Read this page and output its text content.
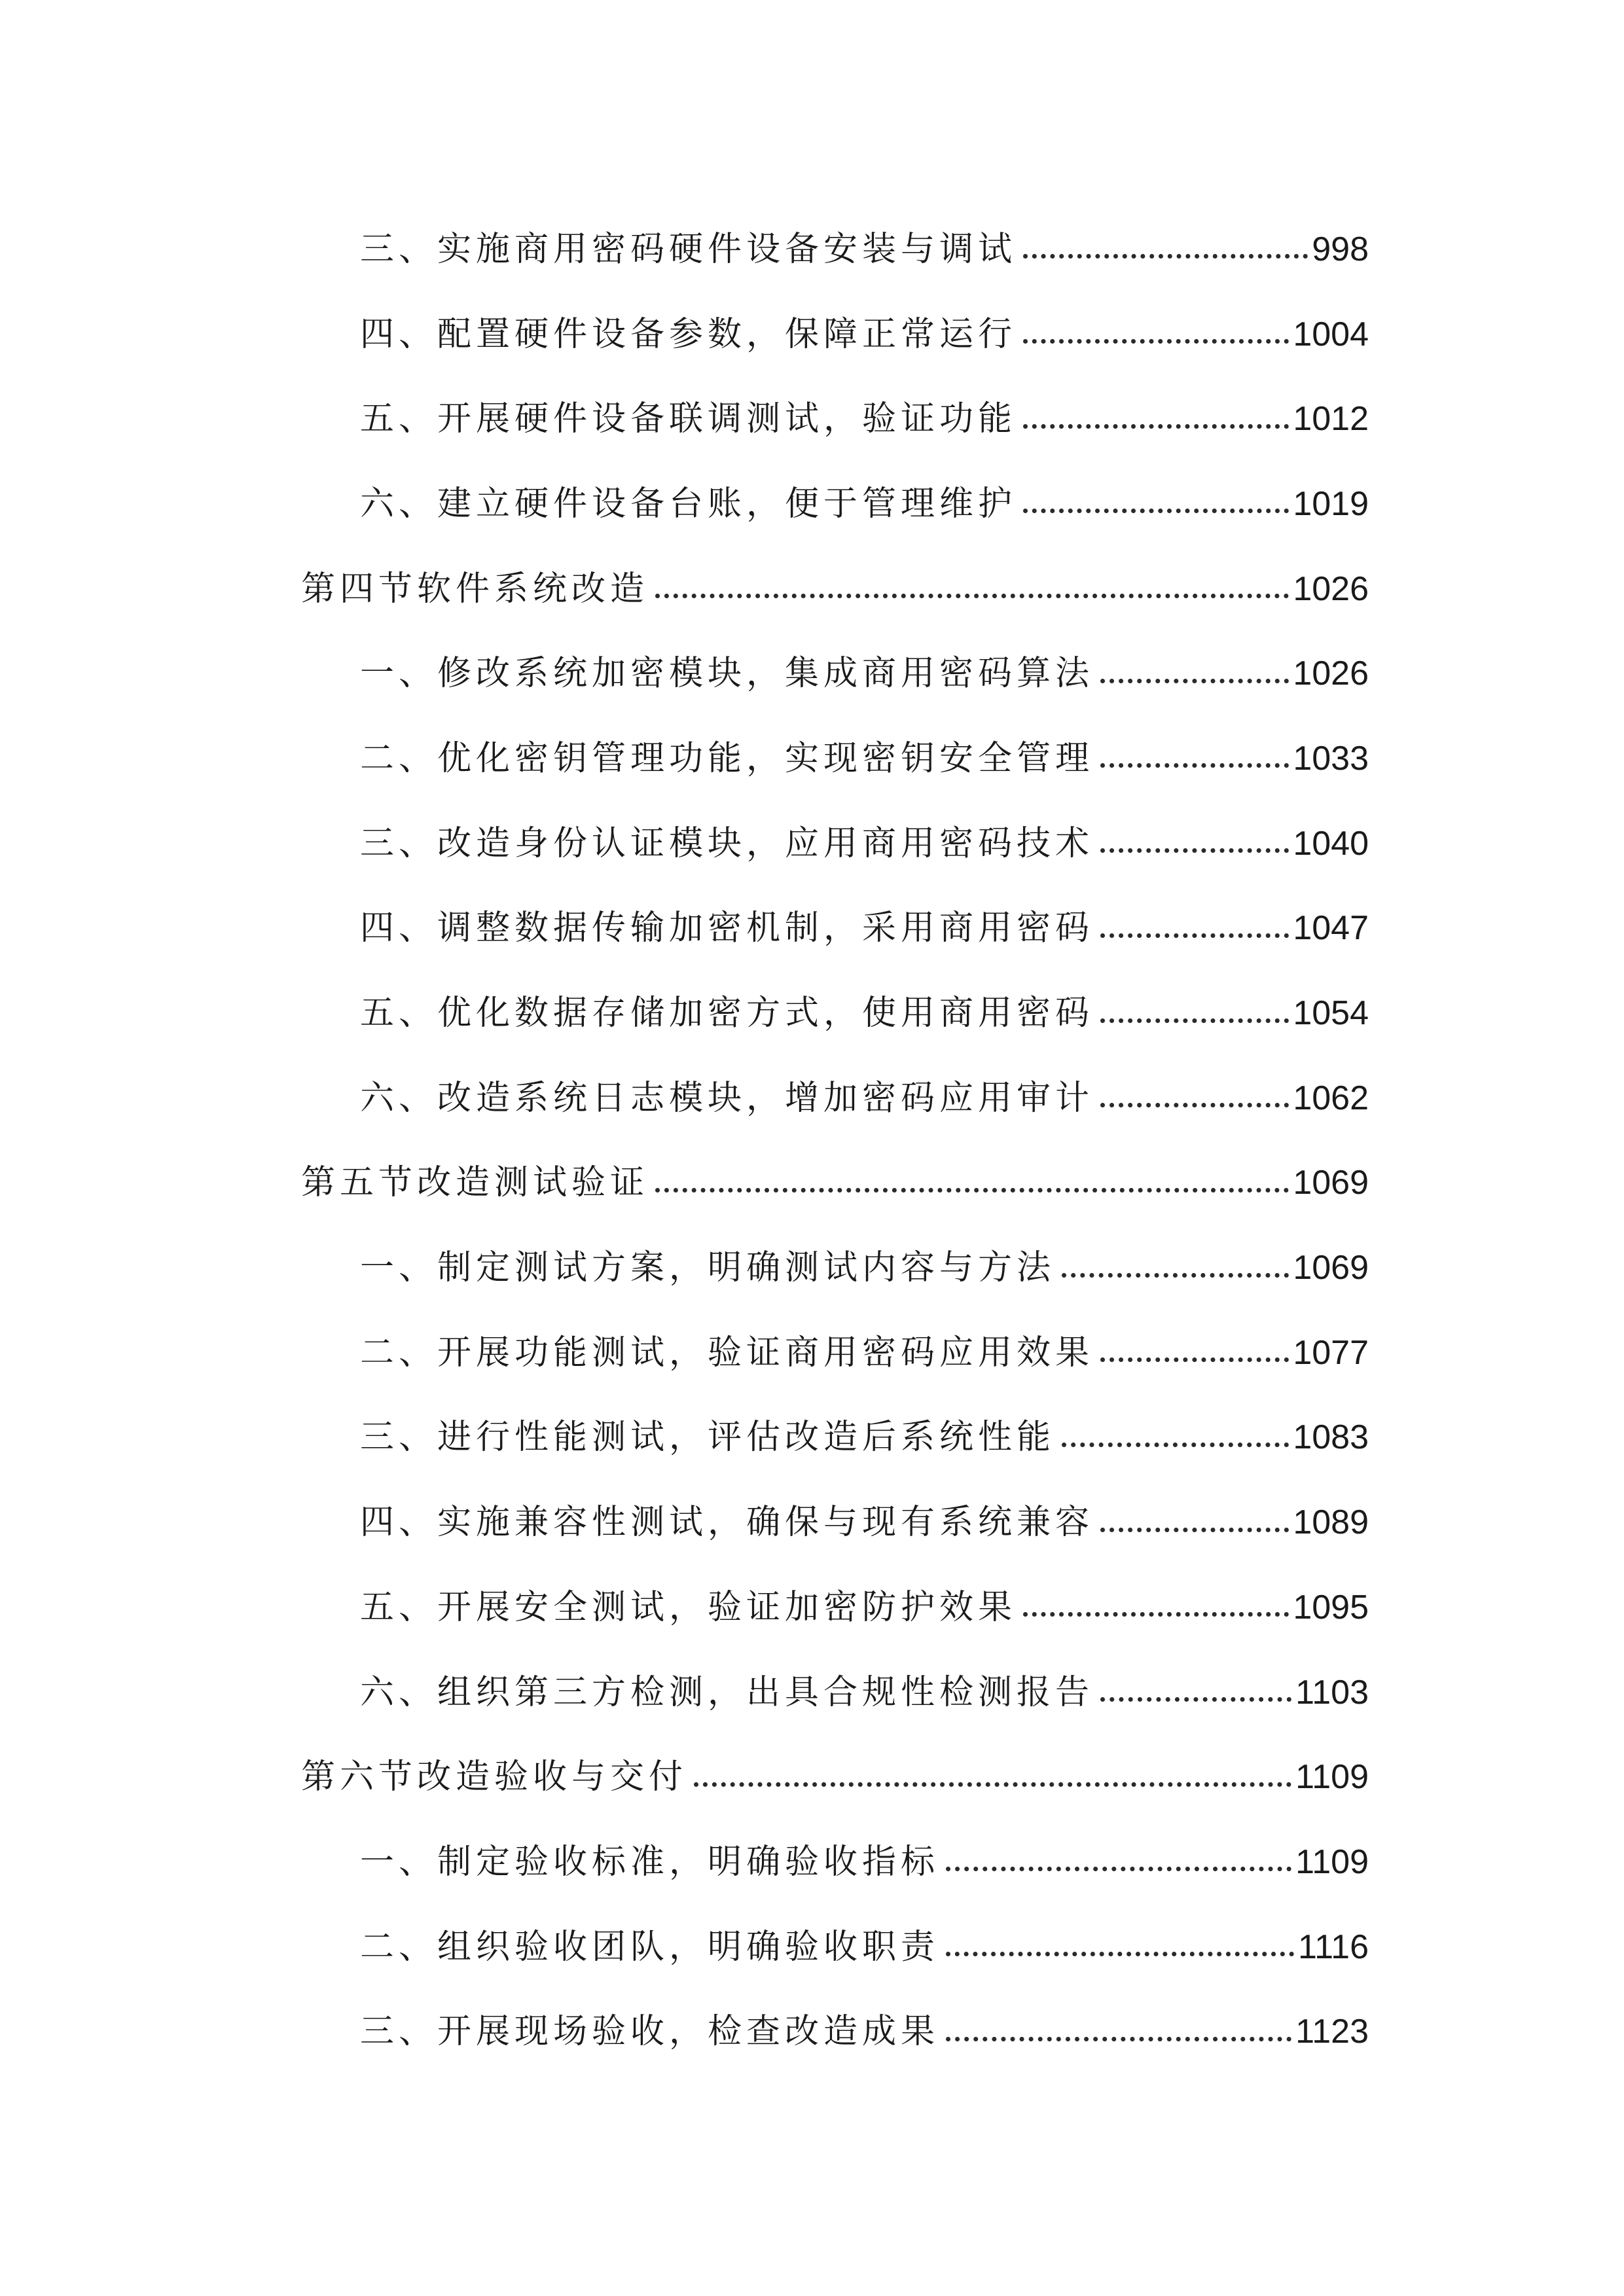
三、实施商用密码硬件设备安装与调试	998
四、配置硬件设备参数，保障正常运行	1004
五、开展硬件设备联调测试，验证功能	1012
六、建立硬件设备台账，便于管理维护	1019
第四节软件系统改造	1026
一、修改系统加密模块，集成商用密码算法	1026
二、优化密钥管理功能，实现密钥安全管理	1033
三、改造身份认证模块，应用商用密码技术	1040
四、调整数据传输加密机制，采用商用密码	1047
五、优化数据存储加密方式，使用商用密码	1054
六、改造系统日志模块，增加密码应用审计	1062
第五节改造测试验证	1069
一、制定测试方案，明确测试内容与方法	1069
二、开展功能测试，验证商用密码应用效果	1077
三、进行性能测试，评估改造后系统性能	1083
四、实施兼容性测试，确保与现有系统兼容	1089
五、开展安全测试，验证加密防护效果	1095
六、组织第三方检测，出具合规性检测报告	1103
第六节改造验收与交付	1109
一、制定验收标准，明确验收指标	1109
二、组织验收团队，明确验收职责	1116
三、开展现场验收，检查改造成果	1123
